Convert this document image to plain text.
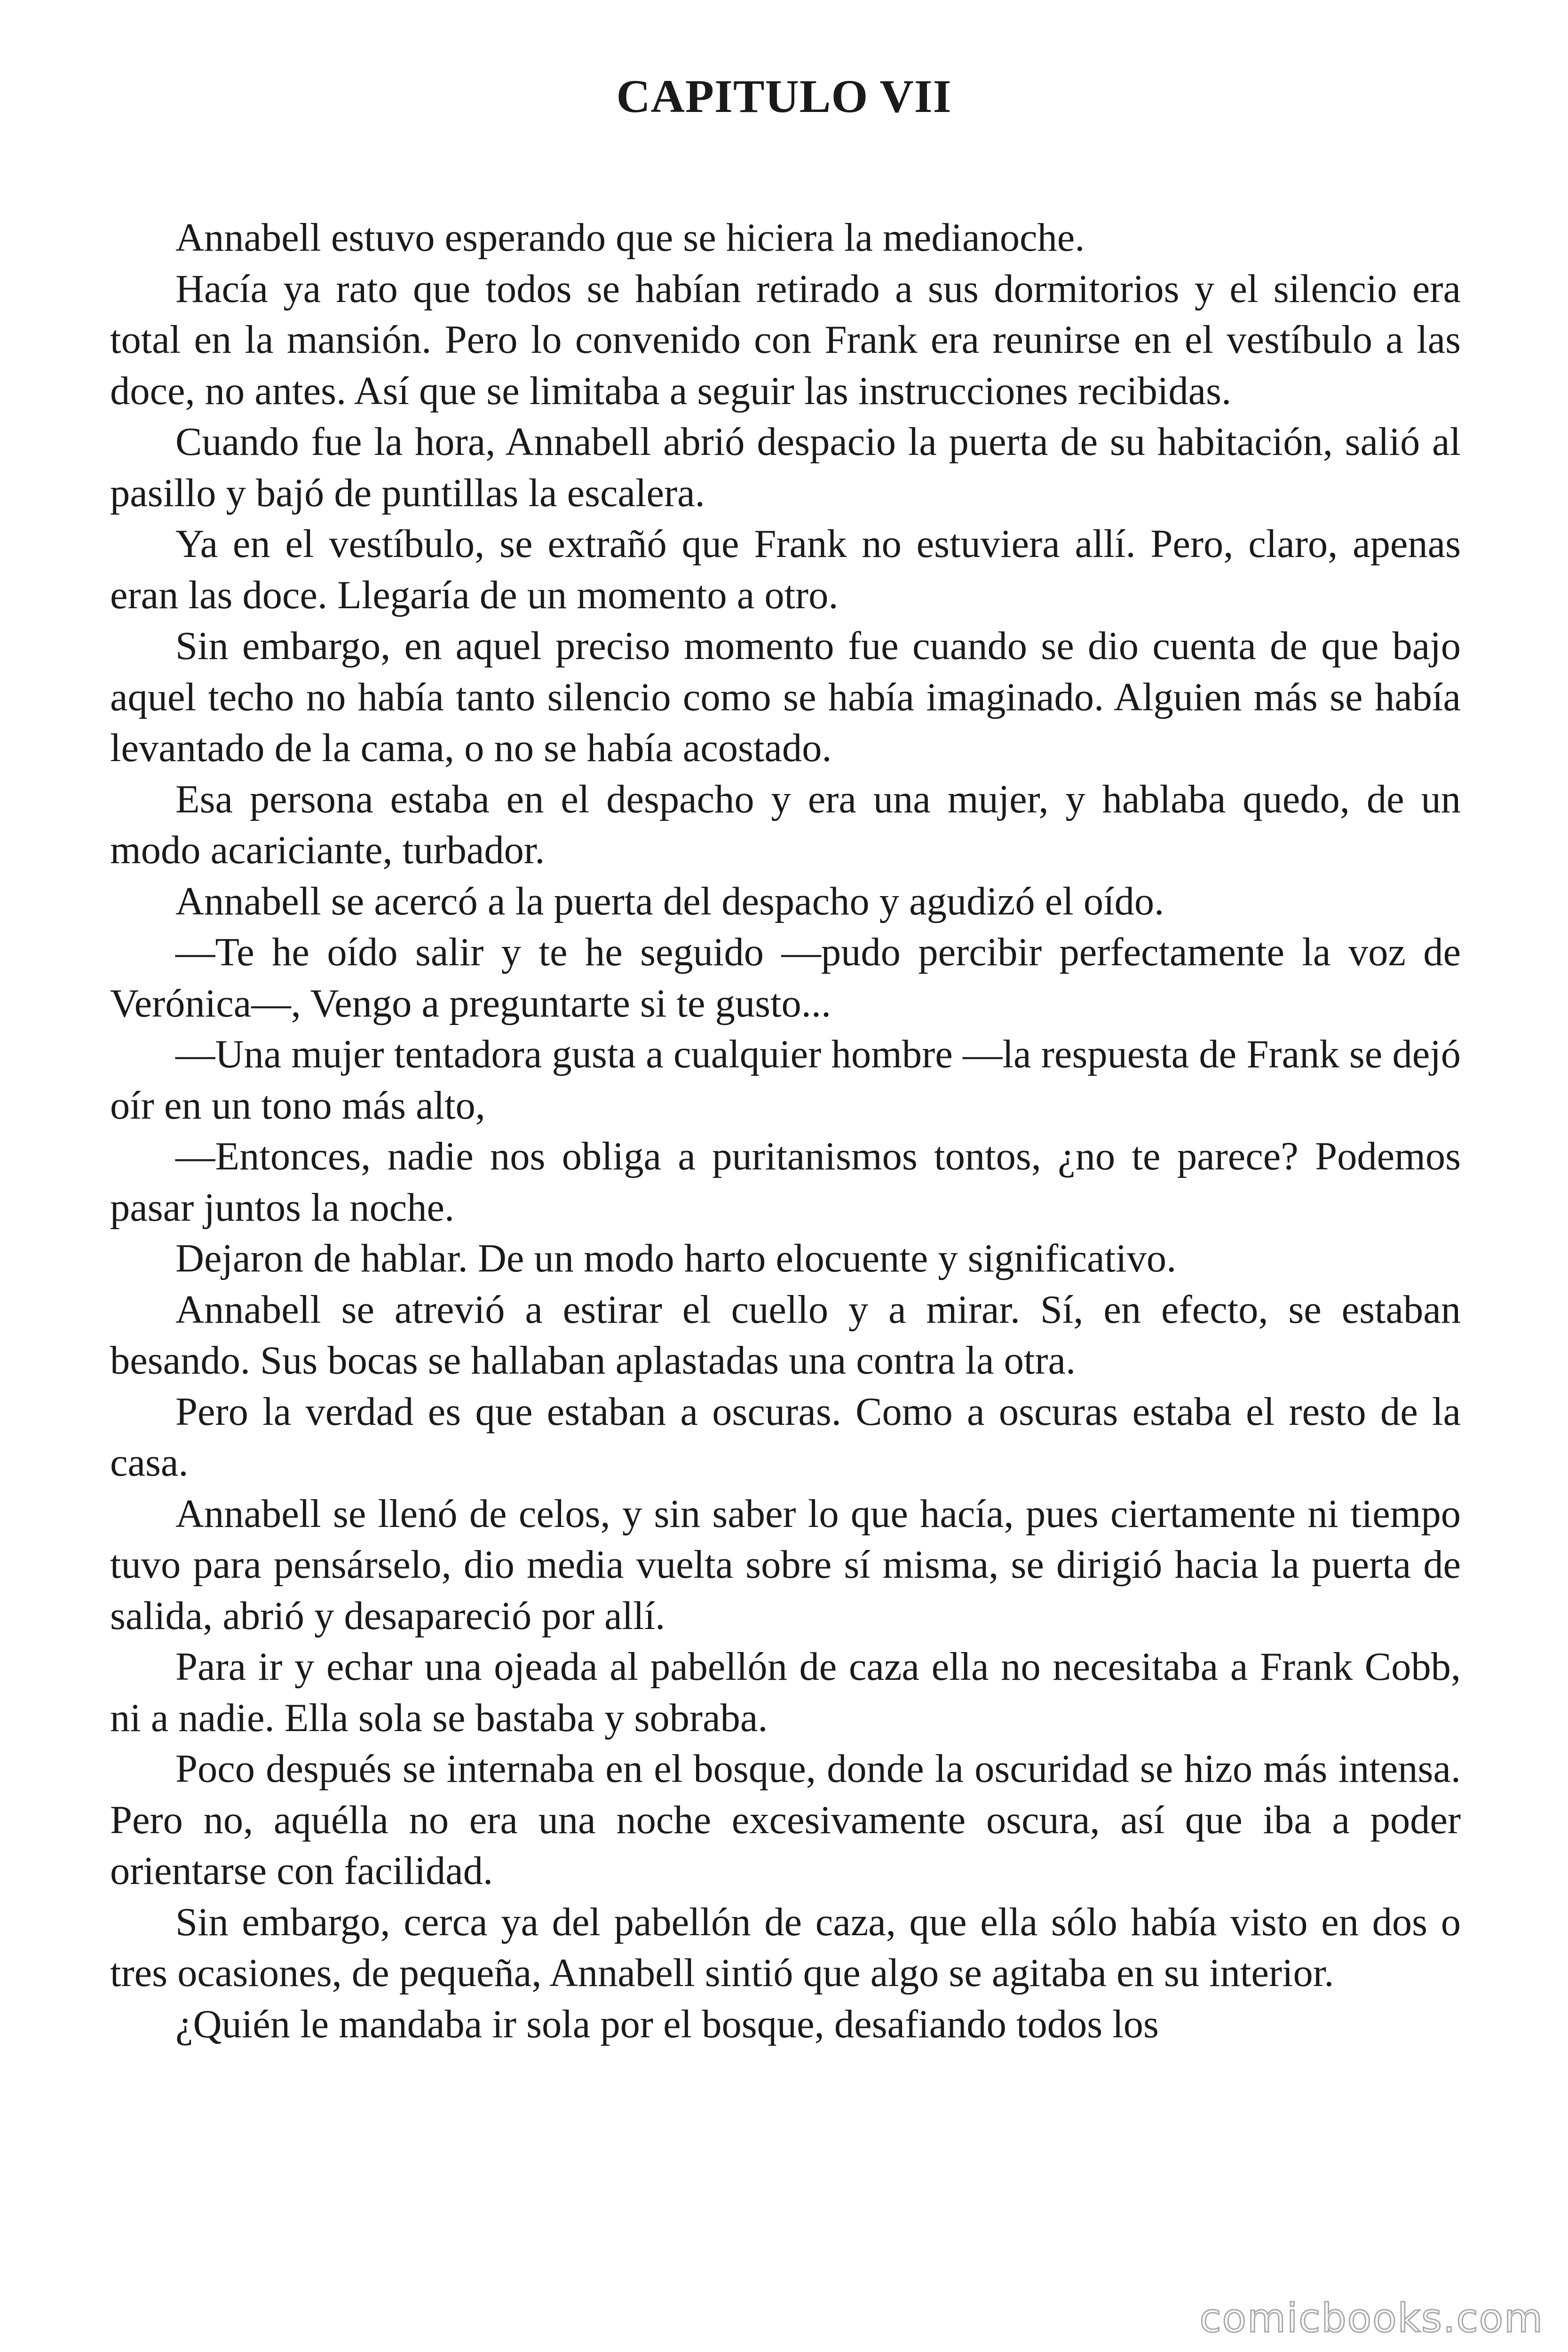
CAPITULO VII

Annabell estuvo esperando que se hiciera la medianoche.

Hacía ya rato que todos se habían retirado a sus dormitorios y el silencio era total en la mansión. Pero lo convenido con Frank era reunirse en el vestíbulo a las doce, no antes. Así que se limitaba a seguir las instrucciones recibidas.

Cuando fue la hora, Annabell abrió despacio la puerta de su habitación, salió al pasillo y bajó de puntillas la escalera.

Ya en el vestíbulo, se extrañó que Frank no estuviera allí. Pero, claro, apenas eran las doce. Llegaría de un momento a otro.

Sin embargo, en aquel preciso momento fue cuando se dio cuenta de que bajo aquel techo no había tanto silencio como se había imaginado. Alguien más se había levantado de la cama, o no se había acostado.

Esa persona estaba en el despacho y era una mujer, y hablaba quedo, de un modo acariciante, turbador.

Annabell se acercó a la puerta del despacho y agudizó el oído.

—Te he oído salir y te he seguido —pudo percibir perfectamente la voz de Verónica—, Vengo a preguntarte si te gusto...

—Una mujer tentadora gusta a cualquier hombre —la respuesta de Frank se dejó oír en un tono más alto,

—Entonces, nadie nos obliga a puritanismos tontos, ¿no te parece? Podemos pasar juntos la noche.

Dejaron de hablar. De un modo harto elocuente y significativo.

Annabell se atrevió a estirar el cuello y a mirar. Sí, en efecto, se estaban besando. Sus bocas se hallaban aplastadas una contra la otra.

Pero la verdad es que estaban a oscuras. Como a oscuras estaba el resto de la casa.

Annabell se llenó de celos, y sin saber lo que hacía, pues ciertamente ni tiempo tuvo para pensárselo, dio media vuelta sobre sí misma, se dirigió hacia la puerta de salida, abrió y desapareció por allí.

Para ir y echar una ojeada al pabellón de caza ella no necesitaba a Frank Cobb, ni a nadie. Ella sola se bastaba y sobraba.

Poco después se internaba en el bosque, donde la oscuridad se hizo más intensa. Pero no, aquélla no era una noche excesivamente oscura, así que iba a poder orientarse con facilidad.

Sin embargo, cerca ya del pabellón de caza, que ella sólo había visto en dos o tres ocasiones, de pequeña, Annabell sintió que algo se agitaba en su interior.

¿Quién le mandaba ir sola por el bosque, desafiando todos los

comicbooks.com
